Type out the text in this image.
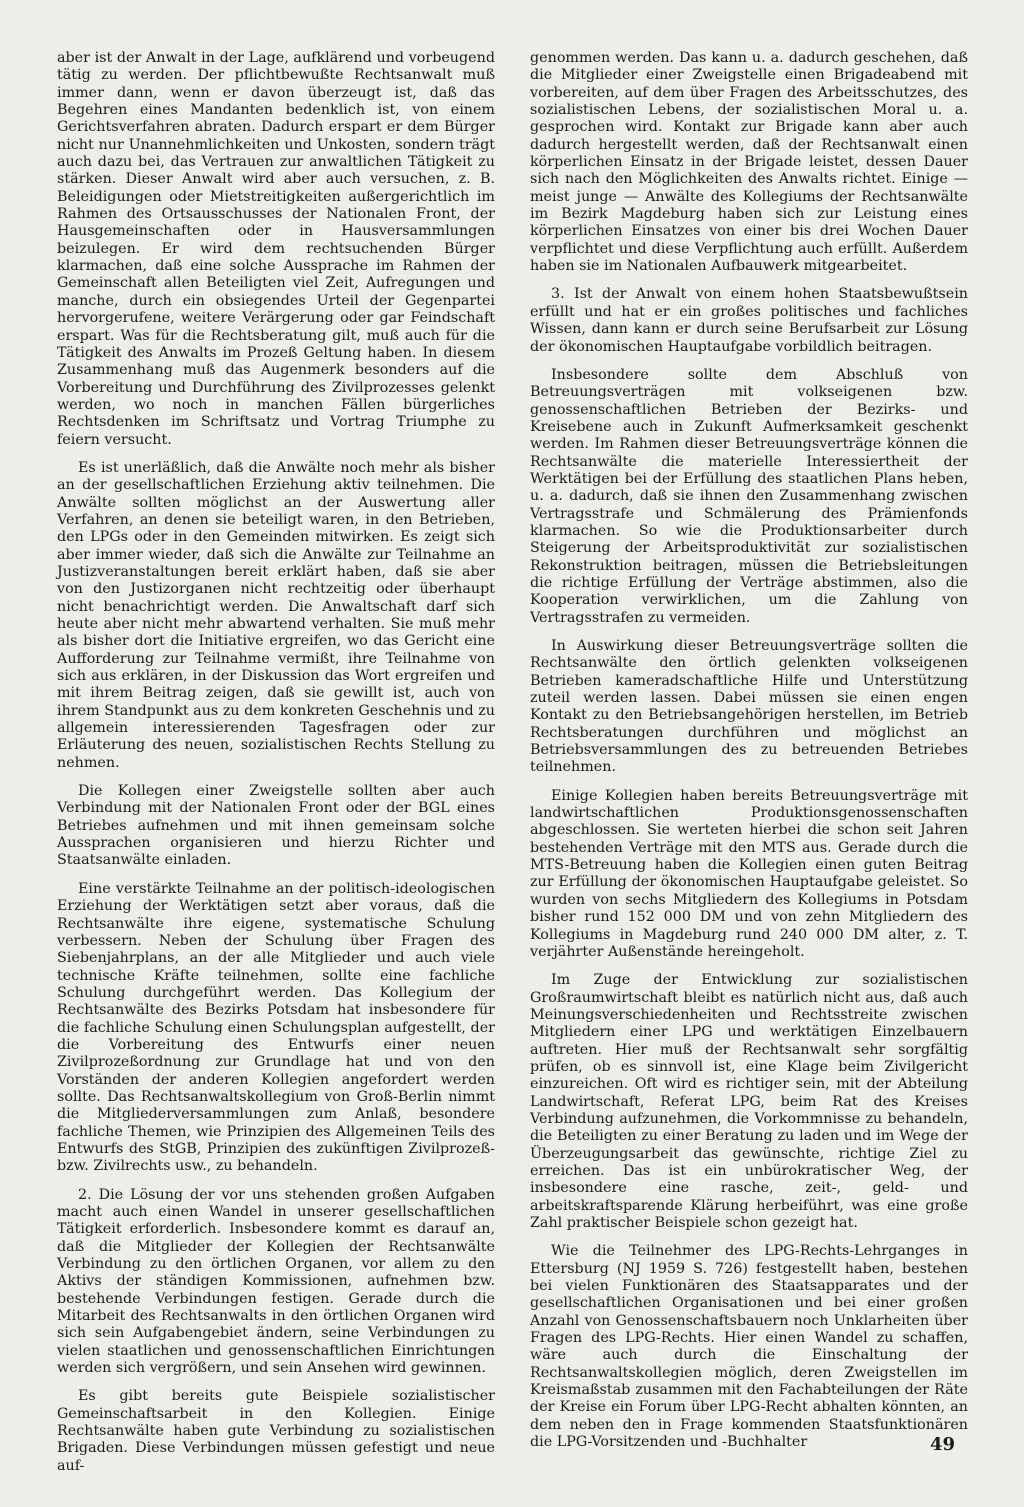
aber ist der Anwalt in der Lage, aufklärend und vorbeugend tätig zu werden. Der pflichtbewußte Rechtsanwalt muß immer dann, wenn er davon überzeugt ist, daß das Begehren eines Mandanten bedenklich ist, von einem Gerichtsverfahren abraten. Dadurch erspart er dem Bürger nicht nur Unannehmlichkeiten und Unkosten, sondern trägt auch dazu bei, das Vertrauen zur anwaltlichen Tätigkeit zu stärken. Dieser Anwalt wird aber auch versuchen, z. B. Beleidigungen oder Mietstreitigkeiten außergerichtlich im Rahmen des Ortsausschusses der Nationalen Front, der Hausgemeinschaften oder in Hausversammlungen beizulegen. Er wird dem rechtsuchenden Bürger klarmachen, daß eine solche Aussprache im Rahmen der Gemeinschaft allen Beteiligten viel Zeit, Aufregungen und manche, durch ein obsiegendes Urteil der Gegenpartei hervorgerufene, weitere Verärgerung oder gar Feindschaft erspart. Was für die Rechtsberatung gilt, muß auch für die Tätigkeit des Anwalts im Prozeß Geltung haben. In diesem Zusammenhang muß das Augenmerk besonders auf die Vorbereitung und Durchführung des Zivilprozesses gelenkt werden, wo noch in manchen Fällen bürgerliches Rechtsdenken im Schriftsatz und Vortrag Triumphe zu feiern versucht.

Es ist unerläßlich, daß die Anwälte noch mehr als bisher an der gesellschaftlichen Erziehung aktiv teilnehmen. Die Anwälte sollten möglichst an der Auswertung aller Verfahren, an denen sie beteiligt waren, in den Betrieben, den LPGs oder in den Gemeinden mitwirken. Es zeigt sich aber immer wieder, daß sich die Anwälte zur Teilnahme an Justizveranstaltungen bereit erklärt haben, daß sie aber von den Justizorganen nicht rechtzeitig oder überhaupt nicht benachrichtigt werden. Die Anwaltschaft darf sich heute aber nicht mehr abwartend verhalten. Sie muß mehr als bisher dort die Initiative ergreifen, wo das Gericht eine Aufforderung zur Teilnahme vermißt, ihre Teilnahme von sich aus erklären, in der Diskussion das Wort ergreifen und mit ihrem Beitrag zeigen, daß sie gewillt ist, auch von ihrem Standpunkt aus zu dem konkreten Geschehnis und zu allgemein interessierenden Tagesfragen oder zur Erläuterung des neuen, sozialistischen Rechts Stellung zu nehmen.

Die Kollegen einer Zweigstelle sollten aber auch Verbindung mit der Nationalen Front oder der BGL eines Betriebes aufnehmen und mit ihnen gemeinsam solche Aussprachen organisieren und hierzu Richter und Staatsanwälte einladen.

Eine verstärkte Teilnahme an der politisch-ideologischen Erziehung der Werktätigen setzt aber voraus, daß die Rechtsanwälte ihre eigene, systematische Schulung verbessern. Neben der Schulung über Fragen des Siebenjahrplans, an der alle Mitglieder und auch viele technische Kräfte teilnehmen, sollte eine fachliche Schulung durchgeführt werden. Das Kollegium der Rechtsanwälte des Bezirks Potsdam hat insbesondere für die fachliche Schulung einen Schulungsplan aufgestellt, der die Vorbereitung des Entwurfs einer neuen Zivilprozeßordnung zur Grundlage hat und von den Vorständen der anderen Kollegien angefordert werden sollte. Das Rechtsanwaltskollegium von Groß-Berlin nimmt die Mitgliederversammlungen zum Anlaß, besondere fachliche Themen, wie Prinzipien des Allgemeinen Teils des Entwurfs des StGB, Prinzipien des zukünftigen Zivilprozeß- bzw. Zivilrechts usw., zu behandeln.

2. Die Lösung der vor uns stehenden großen Aufgaben macht auch einen Wandel in unserer gesellschaftlichen Tätigkeit erforderlich. Insbesondere kommt es darauf an, daß die Mitglieder der Kollegien der Rechtsanwälte Verbindung zu den örtlichen Organen, vor allem zu den Aktivs der ständigen Kommissionen, aufnehmen bzw. bestehende Verbindungen festigen. Gerade durch die Mitarbeit des Rechtsanwalts in den örtlichen Organen wird sich sein Aufgabengebiet ändern, seine Verbindungen zu vielen staatlichen und genossenschaftlichen Einrichtungen werden sich vergrößern, und sein Ansehen wird gewinnen.

Es gibt bereits gute Beispiele sozialistischer Gemeinschaftsarbeit in den Kollegien. Einige Rechtsanwälte haben gute Verbindung zu sozialistischen Brigaden. Diese Verbindungen müssen gefestigt und neue auf-

genommen werden. Das kann u. a. dadurch geschehen, daß die Mitglieder einer Zweigstelle einen Brigadeabend mit vorbereiten, auf dem über Fragen des Arbeitsschutzes, des sozialistischen Lebens, der sozialistischen Moral u. a. gesprochen wird. Kontakt zur Brigade kann aber auch dadurch hergestellt werden, daß der Rechtsanwalt einen körperlichen Einsatz in der Brigade leistet, dessen Dauer sich nach den Möglichkeiten des Anwalts richtet. Einige — meist junge — Anwälte des Kollegiums der Rechtsanwälte im Bezirk Magdeburg haben sich zur Leistung eines körperlichen Einsatzes von einer bis drei Wochen Dauer verpflichtet und diese Verpflichtung auch erfüllt. Außerdem haben sie im Nationalen Aufbauwerk mitgearbeitet.

3. Ist der Anwalt von einem hohen Staatsbewußtsein erfüllt und hat er ein großes politisches und fachliches Wissen, dann kann er durch seine Berufsarbeit zur Lösung der ökonomischen Hauptaufgabe vorbildlich beitragen.

Insbesondere sollte dem Abschluß von Betreuungsverträgen mit volkseigenen bzw. genossenschaftlichen Betrieben der Bezirks- und Kreisebene auch in Zukunft Aufmerksamkeit geschenkt werden. Im Rahmen dieser Betreuungsverträge können die Rechtsanwälte die materielle Interessiertheit der Werktätigen bei der Erfüllung des staatlichen Plans heben, u. a. dadurch, daß sie ihnen den Zusammenhang zwischen Vertragsstrafe und Schmälerung des Prämienfonds klarmachen. So wie die Produktionsarbeiter durch Steigerung der Arbeitsproduktivität zur sozialistischen Rekonstruktion beitragen, müssen die Betriebsleitungen die richtige Erfüllung der Verträge abstimmen, also die Kooperation verwirklichen, um die Zahlung von Vertragsstrafen zu vermeiden.

In Auswirkung dieser Betreuungsverträge sollten die Rechtsanwälte den örtlich gelenkten volkseigenen Betrieben kameradschaftliche Hilfe und Unterstützung zuteil werden lassen. Dabei müssen sie einen engen Kontakt zu den Betriebsangehörigen herstellen, im Betrieb Rechtsberatungen durchführen und möglichst an Betriebsversammlungen des zu betreuenden Betriebes teilnehmen.

Einige Kollegien haben bereits Betreuungsverträge mit landwirtschaftlichen Produktionsgenossenschaften abgeschlossen. Sie werteten hierbei die schon seit Jahren bestehenden Verträge mit den MTS aus. Gerade durch die MTS-Betreuung haben die Kollegien einen guten Beitrag zur Erfüllung der ökonomischen Hauptaufgabe geleistet. So wurden von sechs Mitgliedern des Kollegiums in Potsdam bisher rund 152 000 DM und von zehn Mitgliedern des Kollegiums in Magdeburg rund 240 000 DM alter, z. T. verjährter Außenstände hereingeholt.

Im Zuge der Entwicklung zur sozialistischen Großraumwirtschaft bleibt es natürlich nicht aus, daß auch Meinungsverschiedenheiten und Rechtsstreite zwischen Mitgliedern einer LPG und werktätigen Einzelbauern auftreten. Hier muß der Rechtsanwalt sehr sorgfältig prüfen, ob es sinnvoll ist, eine Klage beim Zivilgericht einzureichen. Oft wird es richtiger sein, mit der Abteilung Landwirtschaft, Referat LPG, beim Rat des Kreises Verbindung aufzunehmen, die Vorkommnisse zu behandeln, die Beteiligten zu einer Beratung zu laden und im Wege der Überzeugungsarbeit das gewünschte, richtige Ziel zu erreichen. Das ist ein unbürokratischer Weg, der insbesondere eine rasche, zeit-, geld- und arbeitskraftsparende Klärung herbeiführt, was eine große Zahl praktischer Beispiele schon gezeigt hat.

Wie die Teilnehmer des LPG-Rechts-Lehrganges in Ettersburg (NJ 1959 S. 726) festgestellt haben, bestehen bei vielen Funktionären des Staatsapparates und der gesellschaftlichen Organisationen und bei einer großen Anzahl von Genossenschaftsbauern noch Unklarheiten über Fragen des LPG-Rechts. Hier einen Wandel zu schaffen, wäre auch durch die Einschaltung der Rechtsanwaltskollegien möglich, deren Zweigstellen im Kreismaßstab zusammen mit den Fachabteilungen der Räte der Kreise ein Forum über LPG-Recht abhalten könnten, an dem neben den in Frage kommenden Staatsfunktionären die LPG-Vorsitzenden und -Buchhalter	49
